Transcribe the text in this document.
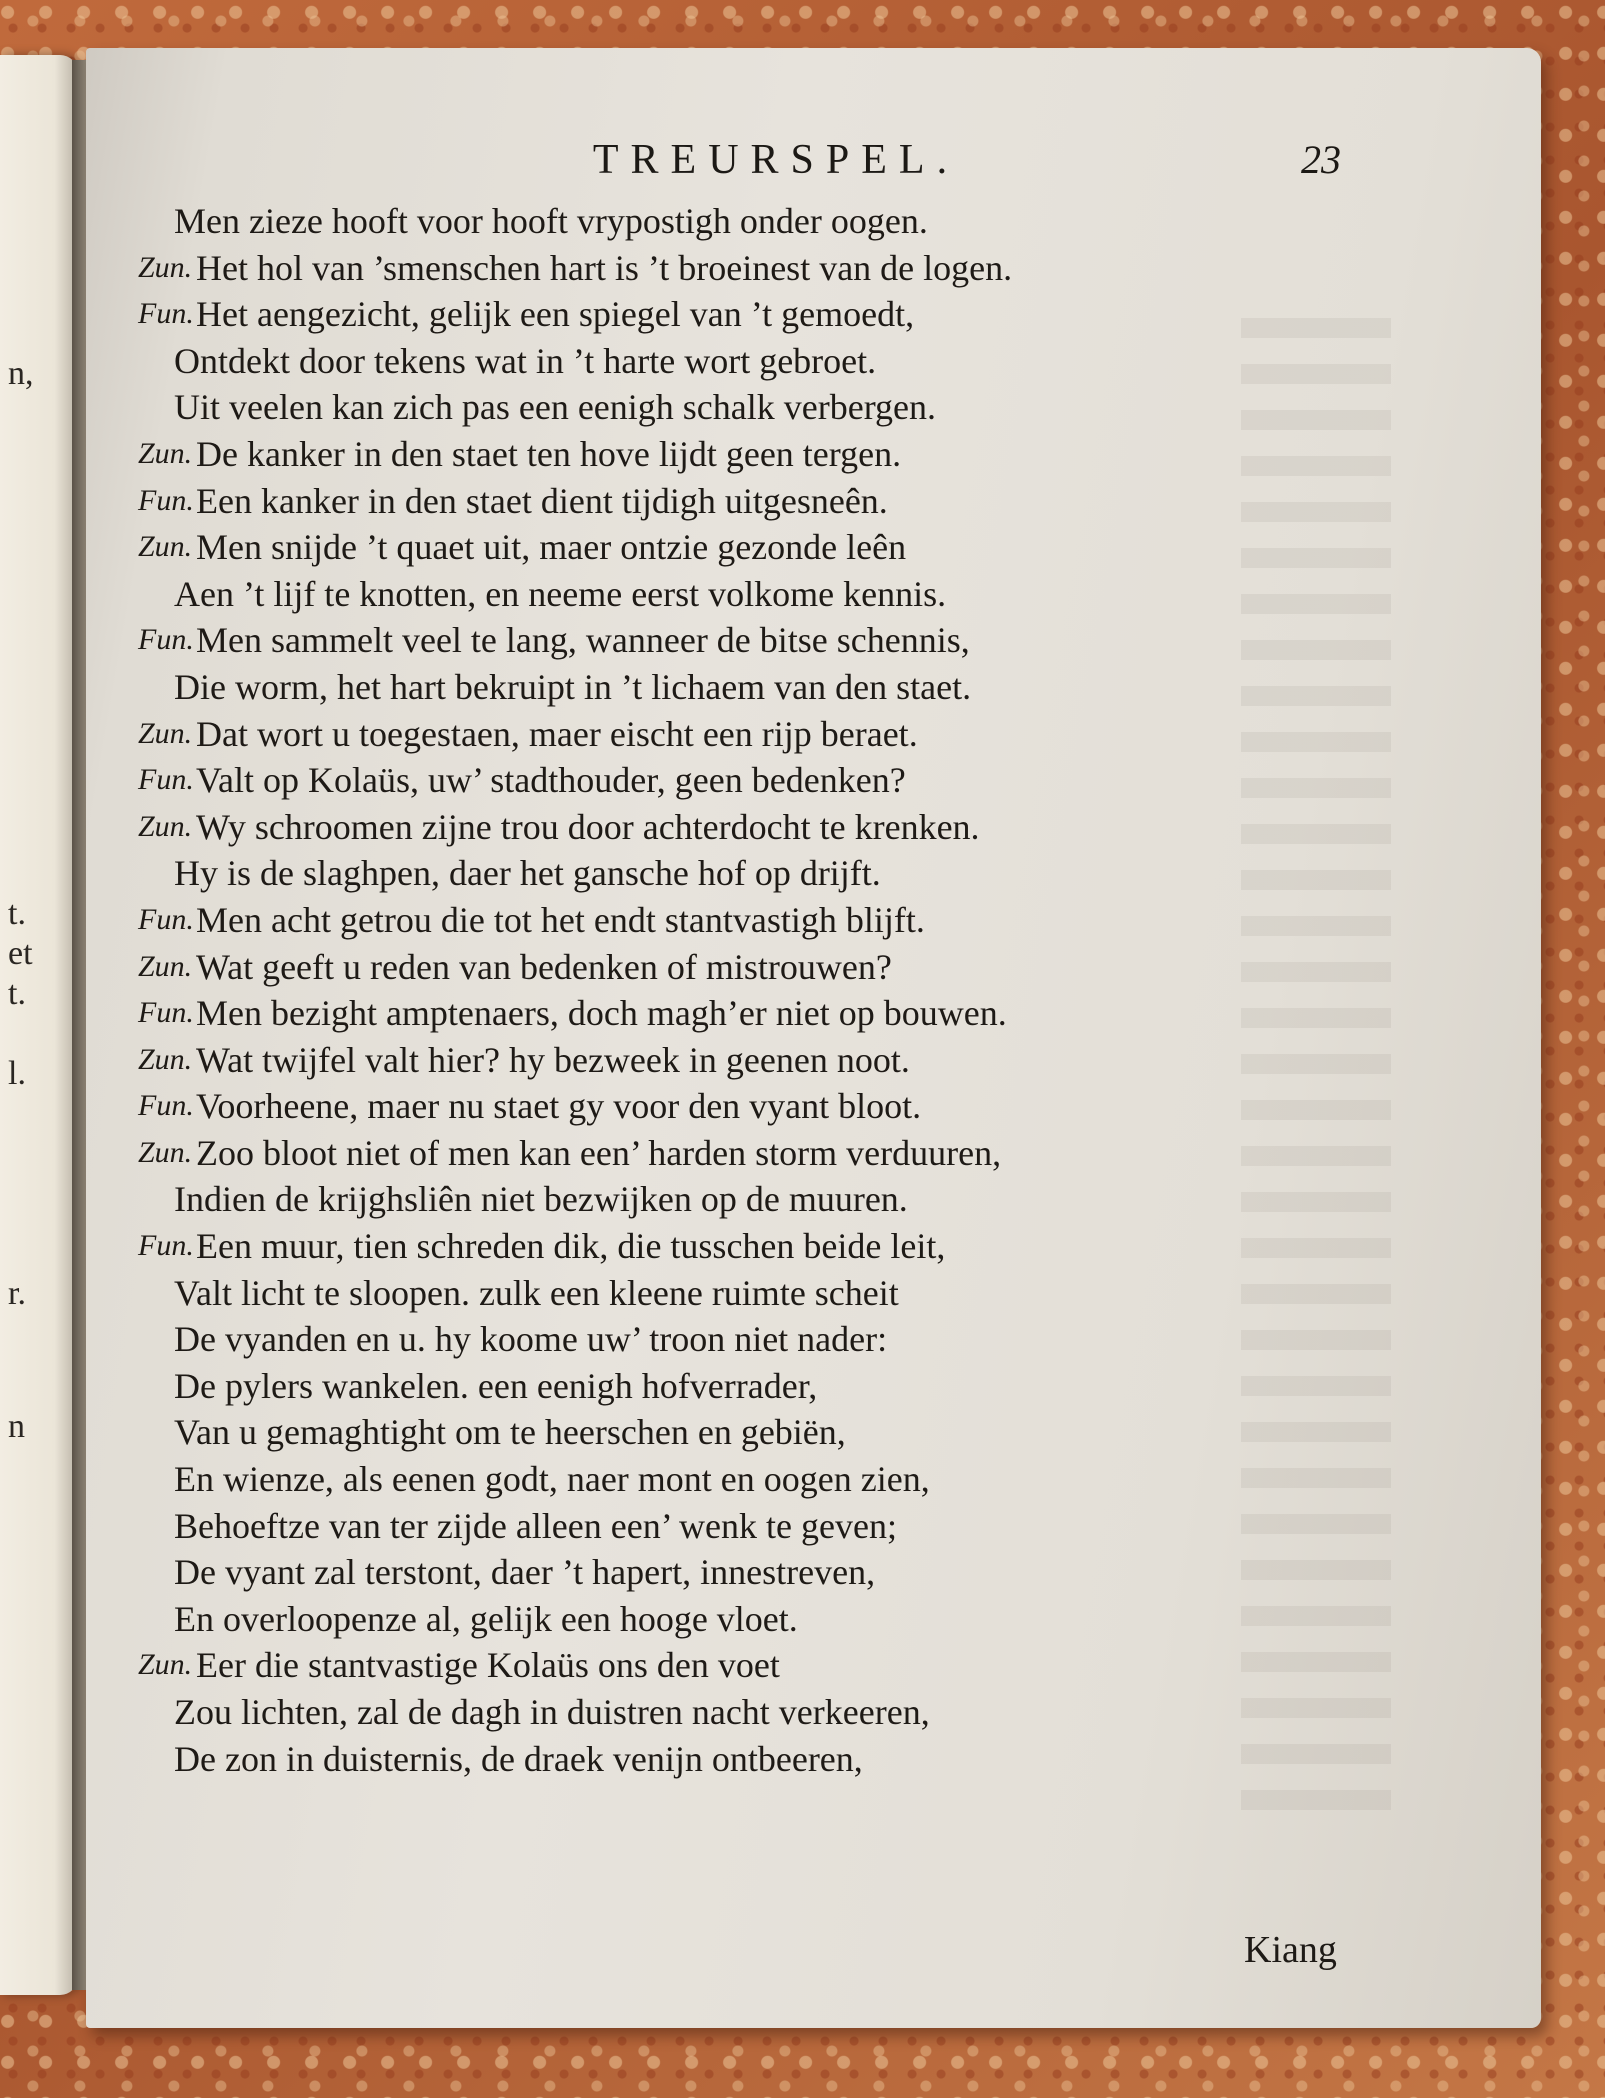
n,
t.
et
t.
l.
r.
n
TREURSPEL.	23
Men zieze hooft voor hooft vrypostigh onder oogen.
Zun. Het hol van ’smenschen hart is ’t broeinest van de logen.
Fun. Het aengezicht, gelijk een spiegel van ’t gemoedt,
Ontdekt door tekens wat in ’t harte wort gebroet.
Uit veelen kan zich pas een eenigh schalk verbergen.
Zun. De kanker in den staet ten hove lijdt geen tergen.
Fun. Een kanker in den staet dient tijdigh uitgesneên.
Zun. Men snijde ’t quaet uit, maer ontzie gezonde leên
Aen ’t lijf te knotten, en neeme eerst volkome kennis.
Fun. Men sammelt veel te lang, wanneer de bitse schennis,
Die worm, het hart bekruipt in ’t lichaem van den staet.
Zun. Dat wort u toegestaen, maer eischt een rijp beraet.
Fun. Valt op Kolaüs, uw’ stadthouder, geen bedenken?
Zun. Wy schroomen zijne trou door achterdocht te krenken.
Hy is de slaghpen, daer het gansche hof op drijft.
Fun. Men acht getrou die tot het endt stantvastigh blijft.
Zun. Wat geeft u reden van bedenken of mistrouwen?
Fun. Men bezight amptenaers, doch magh’er niet op bouwen.
Zun. Wat twijfel valt hier? hy bezweek in geenen noot.
Fun. Voorheene, maer nu staet gy voor den vyant bloot.
Zun. Zoo bloot niet of men kan een’ harden storm verduuren,
Indien de krijghsliên niet bezwijken op de muuren.
Fun. Een muur, tien schreden dik, die tusschen beide leit,
Valt licht te sloopen. zulk een kleene ruimte scheit
De vyanden en u. hy koome uw’ troon niet nader:
De pylers wankelen. een eenigh hofverrader,
Van u gemaghtight om te heerschen en gebiën,
En wienze, als eenen godt, naer mont en oogen zien,
Behoeftze van ter zijde alleen een’ wenk te geven;
De vyant zal terstont, daer ’t hapert, innestreven,
En overloopenze al, gelijk een hooge vloet.
Zun. Eer die stantvastige Kolaüs ons den voet
Zou lichten, zal de dagh in duistren nacht verkeeren,
De zon in duisternis, de draek venijn ontbeeren,
Kiang
